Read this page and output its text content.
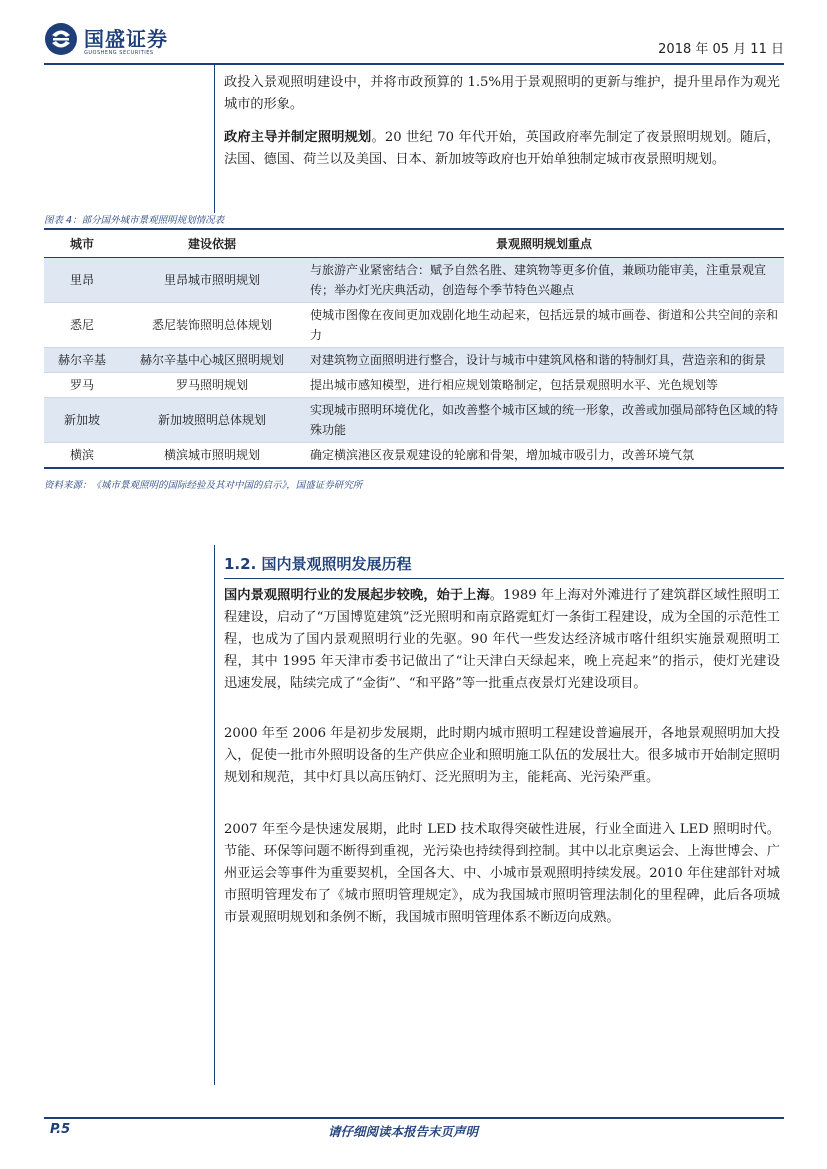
国盛证券
GUOSHENG SECURITIES	2018 年 05 月 11 日

政投入景观照明建设中，并将市政预算的 1.5%用于景观照明的更新与维护，提升里昂作为观光城市的形象。

政府主导并制定照明规划。20 世纪 70 年代开始，英国政府率先制定了夜景照明规划。随后，法国、德国、荷兰以及美国、日本、新加坡等政府也开始单独制定城市夜景照明规划。

图表 4：部分国外城市景观照明规划情况表
城市	建设依据	景观照明规划重点
里昂	里昂城市照明规划	与旅游产业紧密结合：赋予自然名胜、建筑物等更多价值，兼顾功能审美，注重景观宣传；举办灯光庆典活动，创造每个季节特色兴趣点
悉尼	悉尼装饰照明总体规划	使城市图像在夜间更加戏剧化地生动起来，包括远景的城市画卷、街道和公共空间的亲和力
赫尔辛基	赫尔辛基中心城区照明规划	对建筑物立面照明进行整合，设计与城市中建筑风格和谐的特制灯具，营造亲和的街景
罗马	罗马照明规划	提出城市感知模型，进行相应规划策略制定，包括景观照明水平、光色规划等
新加坡	新加坡照明总体规划	实现城市照明环境优化，如改善整个城市区域的统一形象，改善或加强局部特色区域的特殊功能
横滨	横滨城市照明规划	确定横滨港区夜景观建设的轮廓和骨架，增加城市吸引力，改善环境气氛
资料来源：《城市景观照明的国际经验及其对中国的启示》，国盛证券研究所
1.2. 国内景观照明发展历程

国内景观照明行业的发展起步较晚，始于上海。1989 年上海对外滩进行了建筑群区域性照明工程建设，启动了“万国博览建筑”泛光照明和南京路霓虹灯一条街工程建设，成为全国的示范性工程，也成为了国内景观照明行业的先驱。90 年代一些发达经济城市喀什组织实施景观照明工程，其中 1995 年天津市委书记做出了“让天津白天绿起来，晚上亮起来”的指示，使灯光建设迅速发展，陆续完成了“金街”、“和平路”等一批重点夜景灯光建设项目。

2000 年至 2006 年是初步发展期，此时期内城市照明工程建设普遍展开，各地景观照明加大投入，促使一批市外照明设备的生产供应企业和照明施工队伍的发展壮大。很多城市开始制定照明规划和规范，其中灯具以高压钠灯、泛光照明为主，能耗高、光污染严重。

2007 年至今是快速发展期，此时 LED 技术取得突破性进展，行业全面进入 LED 照明时代。节能、环保等问题不断得到重视，光污染也持续得到控制。其中以北京奥运会、上海世博会、广州亚运会等事件为重要契机，全国各大、中、小城市景观照明持续发展。2010 年住建部针对城市照明管理发布了《城市照明管理规定》，成为我国城市照明管理法制化的里程碑，此后各项城市景观照明规划和条例不断，我国城市照明管理体系不断迈向成熟。

P.5	请仔细阅读本报告末页声明
